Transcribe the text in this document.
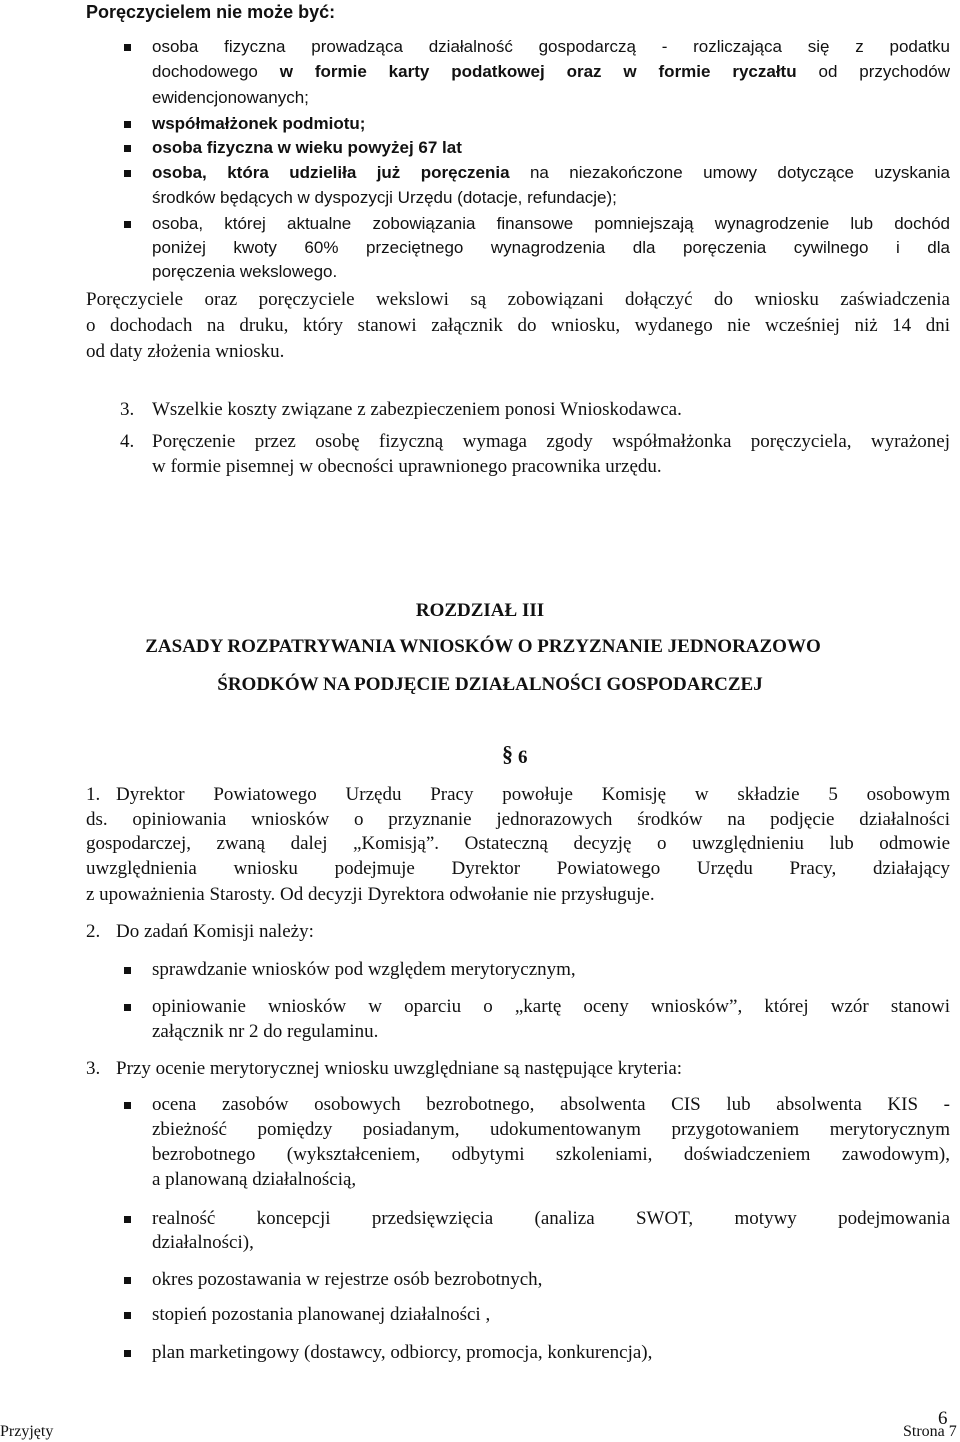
Poręczycielem nie może być:
osoba fizyczna prowadząca działalność gospodarczą - rozliczająca się z podatku
dochodowego w formie karty podatkowej oraz w formie ryczałtu od przychodów
ewidencjonowanych;
współmałżonek podmiotu;
osoba fizyczna w wieku powyżej 67 lat
osoba, która udzieliła już poręczenia na niezakończone umowy dotyczące uzyskania
środków będących w dyspozycji Urzędu (dotacje, refundacje);
osoba, której aktualne zobowiązania finansowe pomniejszają wynagrodzenie lub dochód
poniżej kwoty 60% przeciętnego wynagrodzenia dla poręczenia cywilnego i dla
poręczenia wekslowego.
Poręczyciele oraz poręczyciele wekslowi są zobowiązani dołączyć do wniosku zaświadczenia
o dochodach na druku, który stanowi załącznik do wniosku, wydanego nie wcześniej niż 14 dni
od daty złożenia wniosku.
3. Wszelkie koszty związane z zabezpieczeniem ponosi Wnioskodawca.
4. Poręczenie przez osobę fizyczną wymaga zgody współmałżonka poręczyciela, wyrażonej
w formie pisemnej w obecności uprawnionego pracownika urzędu.
ROZDZIAŁ III
ZASADY ROZPATRYWANIA WNIOSKÓW O PRZYZNANIE JEDNORAZOWO
ŚRODKÓW NA PODJĘCIE DZIAŁALNOŚCI GOSPODARCZEJ
§ 6
1. Dyrektor Powiatowego Urzędu Pracy powołuje Komisję w składzie 5 osobowym
ds. opiniowania wniosków o przyznanie jednorazowych środków na podjęcie działalności
gospodarczej, zwaną dalej „Komisją”. Ostateczną decyzję o uwzględnieniu lub odmowie
uwzględnienia wniosku podejmuje Dyrektor Powiatowego Urzędu Pracy, działający
z upoważnienia Starosty. Od decyzji Dyrektora odwołanie nie przysługuje.
2. Do zadań Komisji należy:
sprawdzanie wniosków pod względem merytorycznym,
opiniowanie wniosków w oparciu o „kartę oceny wniosków”, której wzór stanowi
załącznik nr 2 do regulaminu.
3. Przy ocenie merytorycznej wniosku uwzględniane są następujące kryteria:
ocena zasobów osobowych bezrobotnego, absolwenta CIS lub absolwenta KIS -
zbieżność pomiędzy posiadanym, udokumentowanym przygotowaniem merytorycznym
bezrobotnego (wykształceniem, odbytymi szkoleniami, doświadczeniem zawodowym),
a planowaną działalnością,
realność koncepcji przedsięwzięcia (analiza SWOT, motywy podejmowania
działalności),
okres pozostawania w rejestrze osób bezrobotnych,
stopień pozostania planowanej działalności ,
plan marketingowy (dostawcy, odbiorcy, promocja, konkurencja),
6
Przyjęty	Strona 7
